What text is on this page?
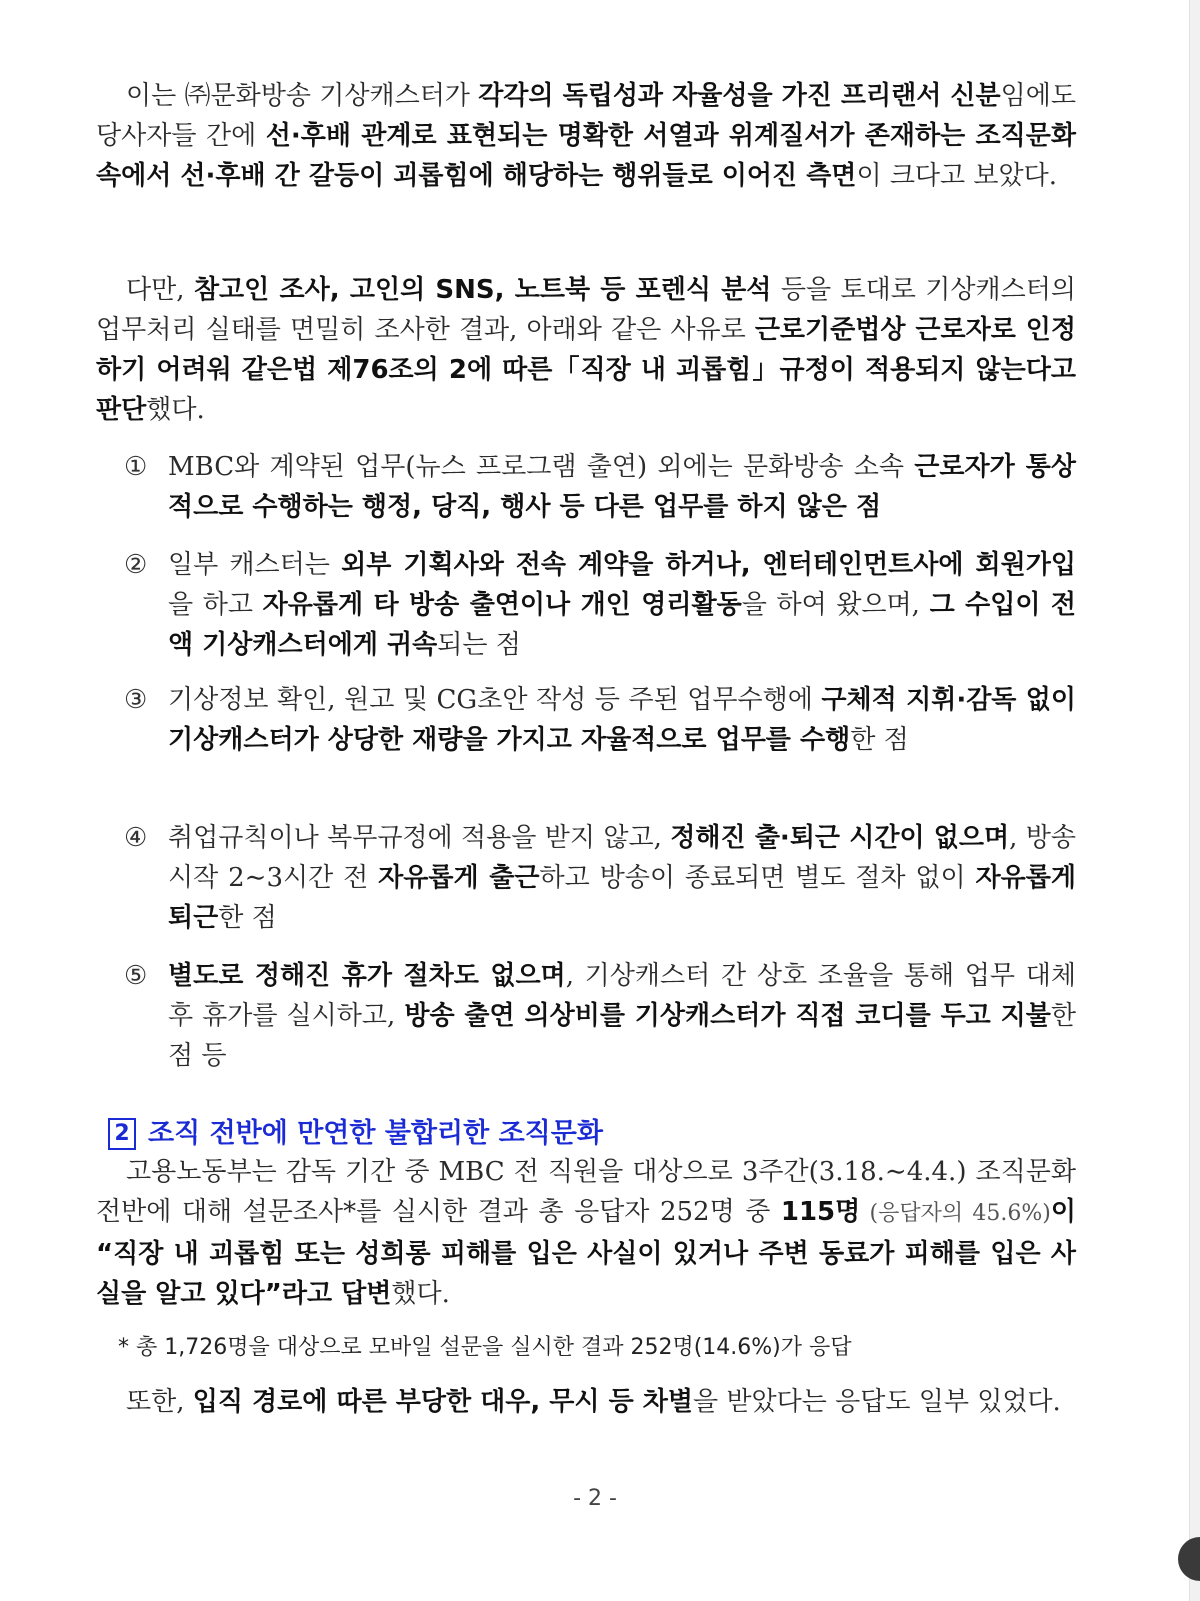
이는 ㈜문화방송 기상캐스터가 각각의 독립성과 자율성을 가진 프리랜서 신분임에도 당사자들 간에 선·후배 관계로 표현되는 명확한 서열과 위계질서가 존재하는 조직문화 속에서 선·후배 간 갈등이 괴롭힘에 해당하는 행위들로 이어진 측면이 크다고 보았다.

다만, 참고인 조사, 고인의 SNS, 노트북 등 포렌식 분석 등을 토대로 기상캐스터의 업무처리 실태를 면밀히 조사한 결과, 아래와 같은 사유로 근로기준법상 근로자로 인정하기 어려워 같은법 제76조의 2에 따른「직장 내 괴롭힘」규정이 적용되지 않는다고 판단했다.

① MBC와 계약된 업무(뉴스 프로그램 출연) 외에는 문화방송 소속 근로자가 통상적으로 수행하는 행정, 당직, 행사 등 다른 업무를 하지 않은 점

② 일부 캐스터는 외부 기획사와 전속 계약을 하거나, 엔터테인먼트사에 회원가입을 하고 자유롭게 타 방송 출연이나 개인 영리활동을 하여 왔으며, 그 수입이 전액 기상캐스터에게 귀속되는 점

③ 기상정보 확인, 원고 및 CG초안 작성 등 주된 업무수행에 구체적 지휘·감독 없이 기상캐스터가 상당한 재량을 가지고 자율적으로 업무를 수행한 점

④ 취업규칙이나 복무규정에 적용을 받지 않고, 정해진 출·퇴근 시간이 없으며, 방송 시작 2∼3시간 전 자유롭게 출근하고 방송이 종료되면 별도 절차 없이 자유롭게 퇴근한 점

⑤ 별도로 정해진 휴가 절차도 없으며, 기상캐스터 간 상호 조율을 통해 업무 대체 후 휴가를 실시하고, 방송 출연 의상비를 기상캐스터가 직접 코디를 두고 지불한 점 등

2 조직 전반에 만연한 불합리한 조직문화

고용노동부는 감독 기간 중 MBC 전 직원을 대상으로 3주간(3.18.∼4.4.) 조직문화 전반에 대해 설문조사*를 실시한 결과 총 응답자 252명 중 115명 (응답자의 45.6%)이 “직장 내 괴롭힘 또는 성희롱 피해를 입은 사실이 있거나 주변 동료가 피해를 입은 사실을 알고 있다”라고 답변했다.

* 총 1,726명을 대상으로 모바일 설문을 실시한 결과 252명(14.6%)가 응답

또한, 입직 경로에 따른 부당한 대우, 무시 등 차별을 받았다는 응답도 일부 있었다.

- 2 -
